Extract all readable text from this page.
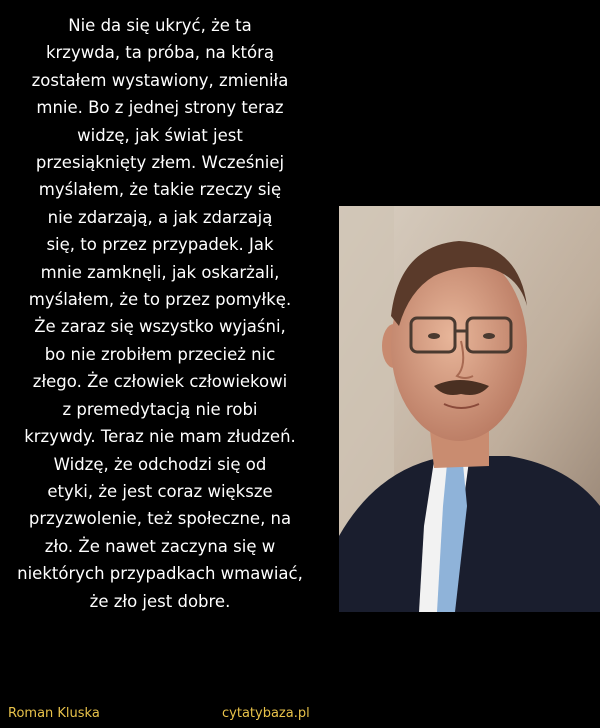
Nie da się ukryć, że ta
krzywda, ta próba, na którą
zostałem wystawiony, zmieniła
mnie. Bo z jednej strony teraz
widzę, jak świat jest
przesiąknięty złem. Wcześniej
myślałem, że takie rzeczy się
nie zdarzają, a jak zdarzają
się, to przez przypadek. Jak
mnie zamknęli, jak oskarżali,
myślałem, że to przez pomyłkę.
Że zaraz się wszystko wyjaśni,
bo nie zrobiłem przecież nic
złego. Że człowiek człowiekowi
z premedytacją nie robi
krzywdy. Teraz nie mam złudzeń.
Widzę, że odchodzi się od
etyki, że jest coraz większe
przyzwolenie, też społeczne, na
zło. Że nawet zaczyna się w
niektórych przypadkach wmawiać,
że zło jest dobre.
Roman Kluska	cytatybaza.pl
